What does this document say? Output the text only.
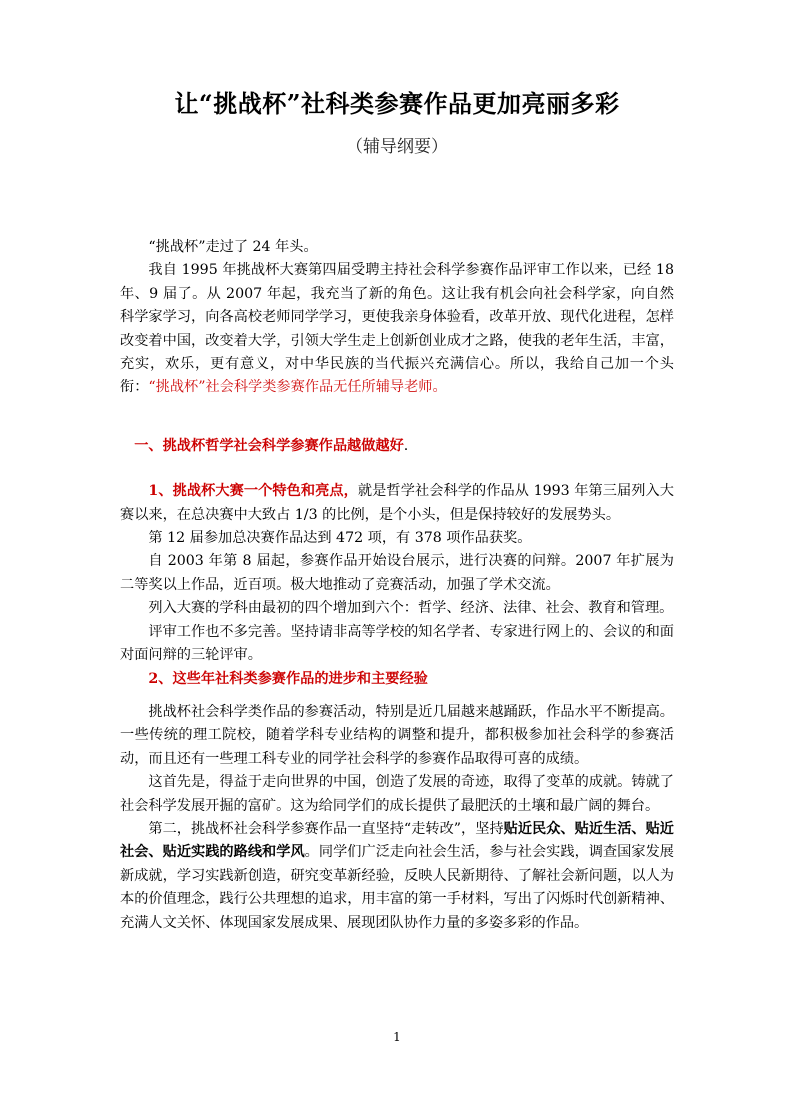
让“挑战杯”社科类参赛作品更加亮丽多彩
（辅导纲要）

“挑战杯”走过了 24 年头。

我自 1995 年挑战杯大赛第四届受聘主持社会科学参赛作品评审工作以来，已经 18 年、9 届了。从 2007 年起，我充当了新的角色。这让我有机会向社会科学家，向自然科学家学习，向各高校老师同学学习，更使我亲身体验看，改革开放、现代化进程，怎样改变着中国，改变着大学，引领大学生走上创新创业成才之路，使我的老年生活，丰富，充实，欢乐，更有意义，对中华民族的当代振兴充满信心。所以，我给自己加一个头衔：“挑战杯”社会科学类参赛作品无任所辅导老师。

一、挑战杯哲学社会科学参赛作品越做越好.

1、挑战杯大赛一个特色和亮点，就是哲学社会科学的作品从 1993 年第三届列入大赛以来，在总决赛中大致占 1/3 的比例，是个小头，但是保持较好的发展势头。

第 12 届参加总决赛作品达到 472 项，有 378 项作品获奖。

自 2003 年第 8 届起，参赛作品开始设台展示，进行决赛的问辩。2007 年扩展为二等奖以上作品，近百项。极大地推动了竞赛活动，加强了学术交流。

列入大赛的学科由最初的四个增加到六个：哲学、经济、法律、社会、教育和管理。

评审工作也不多完善。坚持请非高等学校的知名学者、专家进行网上的、会议的和面对面问辩的三轮评审。

2、这些年社科类参赛作品的进步和主要经验

挑战杯社会科学类作品的参赛活动，特别是近几届越来越踊跃，作品水平不断提高。一些传统的理工院校，随着学科专业结构的调整和提升，都积极参加社会科学的参赛活动，而且还有一些理工科专业的同学社会科学的参赛作品取得可喜的成绩。

这首先是，得益于走向世界的中国，创造了发展的奇迹，取得了变革的成就。铸就了社会科学发展开掘的富矿。这为给同学们的成长提供了最肥沃的土壤和最广阔的舞台。

第二，挑战杯社会科学参赛作品一直坚持“走转改”，坚持贴近民众、贴近生活、贴近社会、贴近实践的路线和学风。同学们广泛走向社会生活，参与社会实践，调查国家发展新成就，学习实践新创造，研究变革新经验，反映人民新期待、了解社会新问题，以人为本的价值理念，践行公共理想的追求，用丰富的第一手材料，写出了闪烁时代创新精神、充满人文关怀、体现国家发展成果、展现团队协作力量的多姿多彩的作品。

1
